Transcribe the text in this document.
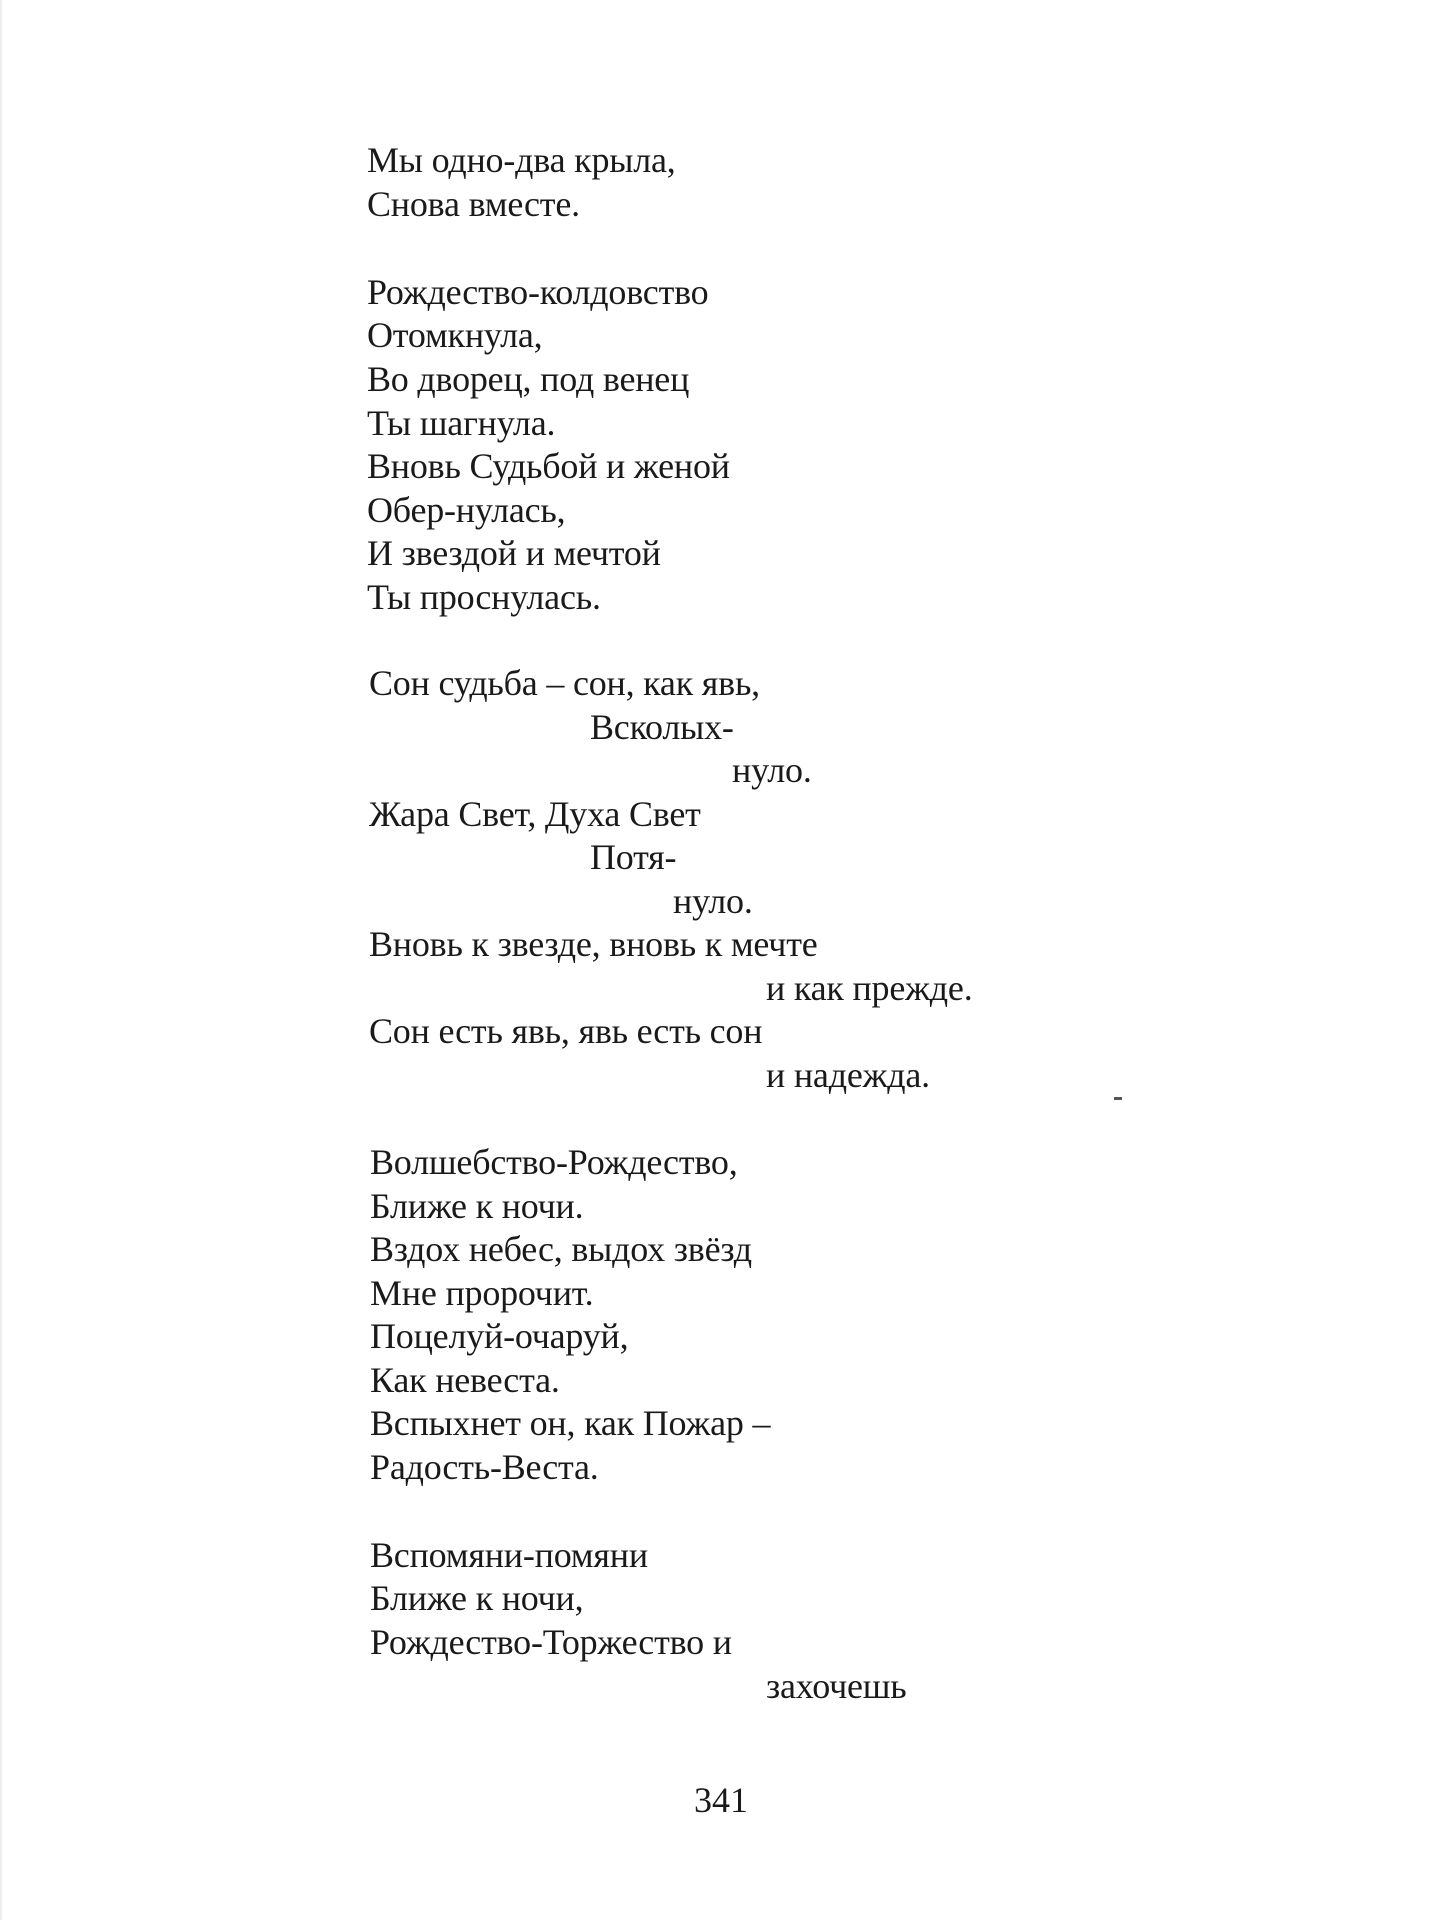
Мы одно-два крыла,
Снова вместе.
Рождество-колдовство
Отомкнула,
Во дворец, под венец
Ты шагнула.
Вновь Судьбой и женой
Обер-нулась,
И звездой и мечтой
Ты проснулась.
Сон судьба – сон, как явь,
Всколых-
нуло.
Жара Свет, Духа Свет
Потя-
нуло.
Вновь к звезде, вновь к мечте
и как прежде.
Сон есть явь, явь есть сон
и надежда.
Волшебство-Рождество,
Ближе к ночи.
Вздох небес, выдох звёзд
Мне пророчит.
Поцелуй-очаруй,
Как невеста.
Вспыхнет он, как Пожар –
Радость-Веста.
Вспомяни-помяни
Ближе к ночи,
Рождество-Торжество и
захочешь
341
